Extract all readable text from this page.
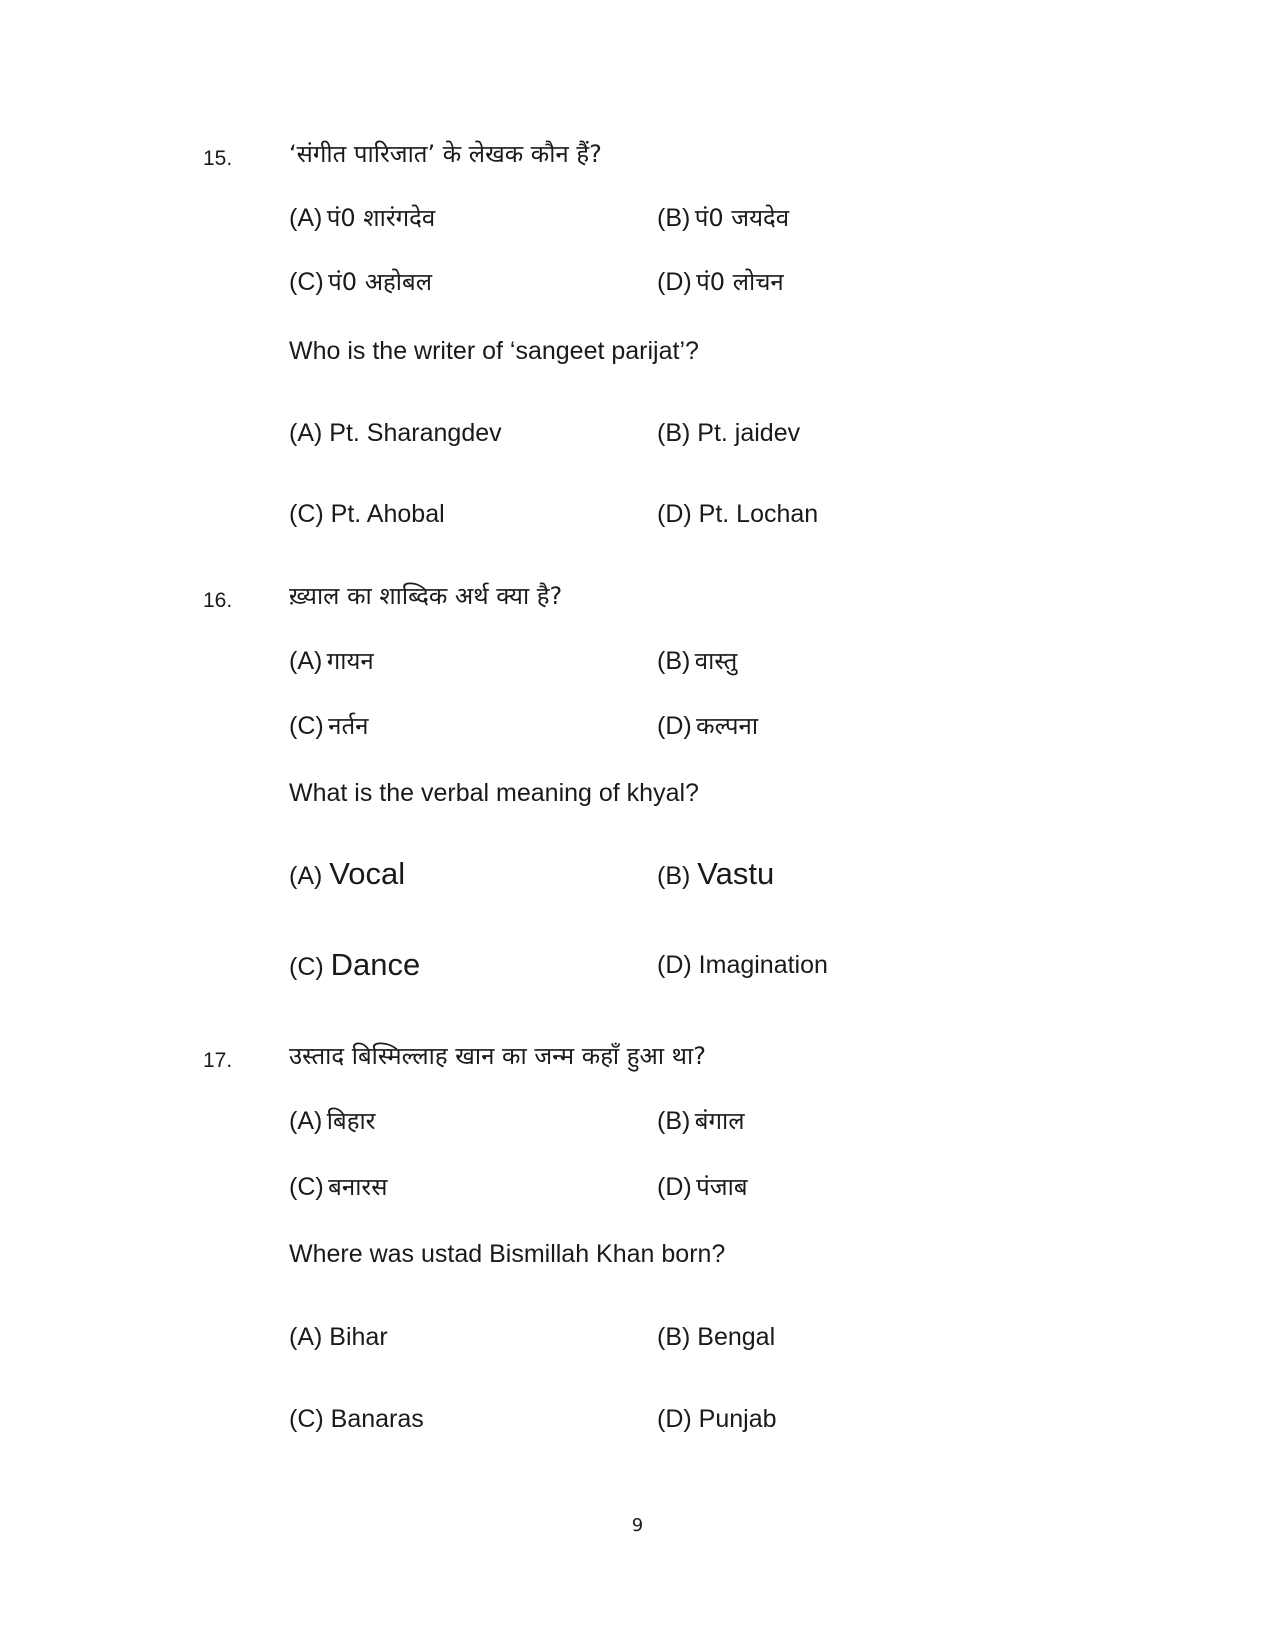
15. ‘संगीत पारिजात’ के लेखक कौन हैं?
(A) पं0 शारंगदेव	(B) पं0 जयदेव
(C) पं0 अहोबल	(D) पं0 लोचन
Who is the writer of ‘sangeet parijat’?
(A) Pt. Sharangdev	(B) Pt. jaidev
(C) Pt. Ahobal	(D) Pt. Lochan
16. ख़्याल का शाब्दिक अर्थ क्या है?
(A) गायन	(B) वास्तु
(C) नर्तन	(D) कल्पना
What is the verbal meaning of khyal?
(A) Vocal	(B) Vastu
(C) Dance	(D) Imagination
17. उस्ताद बिस्मिल्लाह खान का जन्म कहाँ हुआ था?
(A) बिहार	(B) बंगाल
(C) बनारस	(D) पंजाब
Where was ustad Bismillah Khan born?
(A) Bihar	(B) Bengal
(C) Banaras	(D) Punjab
9
